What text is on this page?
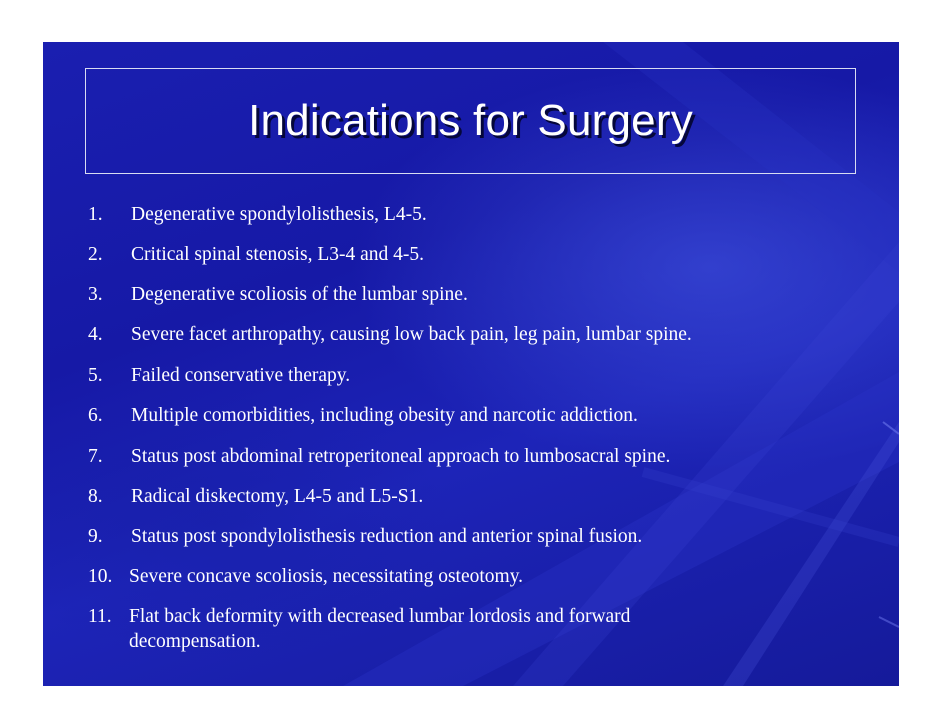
Indications for Surgery
1. Degenerative spondylolisthesis, L4-5.
2. Critical spinal stenosis, L3-4 and 4-5.
3. Degenerative scoliosis of the lumbar spine.
4. Severe facet arthropathy, causing low back pain, leg pain, lumbar spine.
5. Failed conservative therapy.
6. Multiple comorbidities, including obesity and narcotic addiction.
7. Status post abdominal retroperitoneal approach to lumbosacral spine.
8. Radical diskectomy, L4-5 and L5-S1.
9. Status post spondylolisthesis reduction and anterior spinal fusion.
10. Severe concave scoliosis, necessitating osteotomy.
11. Flat back deformity with decreased lumbar lordosis and forward decompensation.
